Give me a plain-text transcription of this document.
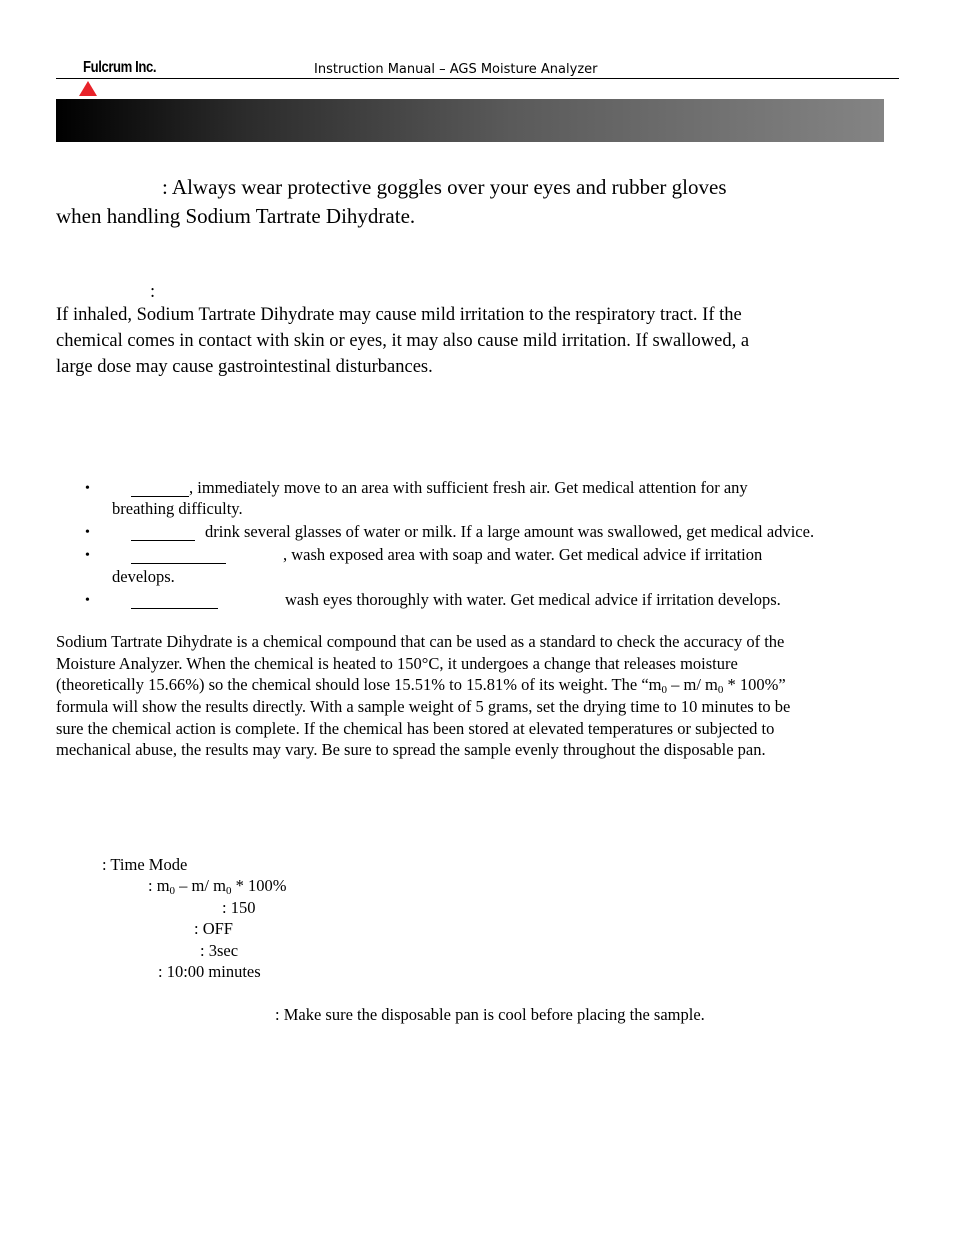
Fulcrum Inc.	Instruction Manual – AGS Moisture Analyzer
: Always wear protective goggles over your eyes and rubber gloves
when handling Sodium Tartrate Dihydrate.
:
If inhaled, Sodium Tartrate Dihydrate may cause mild irritation to the respiratory tract. If the
chemical comes in contact with skin or eyes, it may also cause mild irritation. If swallowed, a
large dose may cause gastrointestinal disturbances.
•	, immediately move to an area with sufficient fresh air. Get medical attention for any
breathing difficulty.
•	drink several glasses of water or milk. If a large amount was swallowed, get medical advice.
•	, wash exposed area with soap and water. Get medical advice if irritation
develops.
•	wash eyes thoroughly with water. Get medical advice if irritation develops.
Sodium Tartrate Dihydrate is a chemical compound that can be used as a standard to check the accuracy of the
Moisture Analyzer. When the chemical is heated to 150°C, it undergoes a change that releases moisture
(theoretically 15.66%) so the chemical should lose 15.51% to 15.81% of its weight. The “$m_0 - m/$ $m_0 * 100\%$”
formula will show the results directly. With a sample weight of 5 grams, set the drying time to 10 minutes to be
sure the chemical action is complete. If the chemical has been stored at elevated temperatures or subjected to
mechanical abuse, the results may vary. Be sure to spread the sample evenly throughout the disposable pan.
: Time Mode
: $m_0 - m/$ $m_0 * 100\%$
: 150
: OFF
: 3sec
: 10:00 minutes
: Make sure the disposable pan is cool before placing the sample.
